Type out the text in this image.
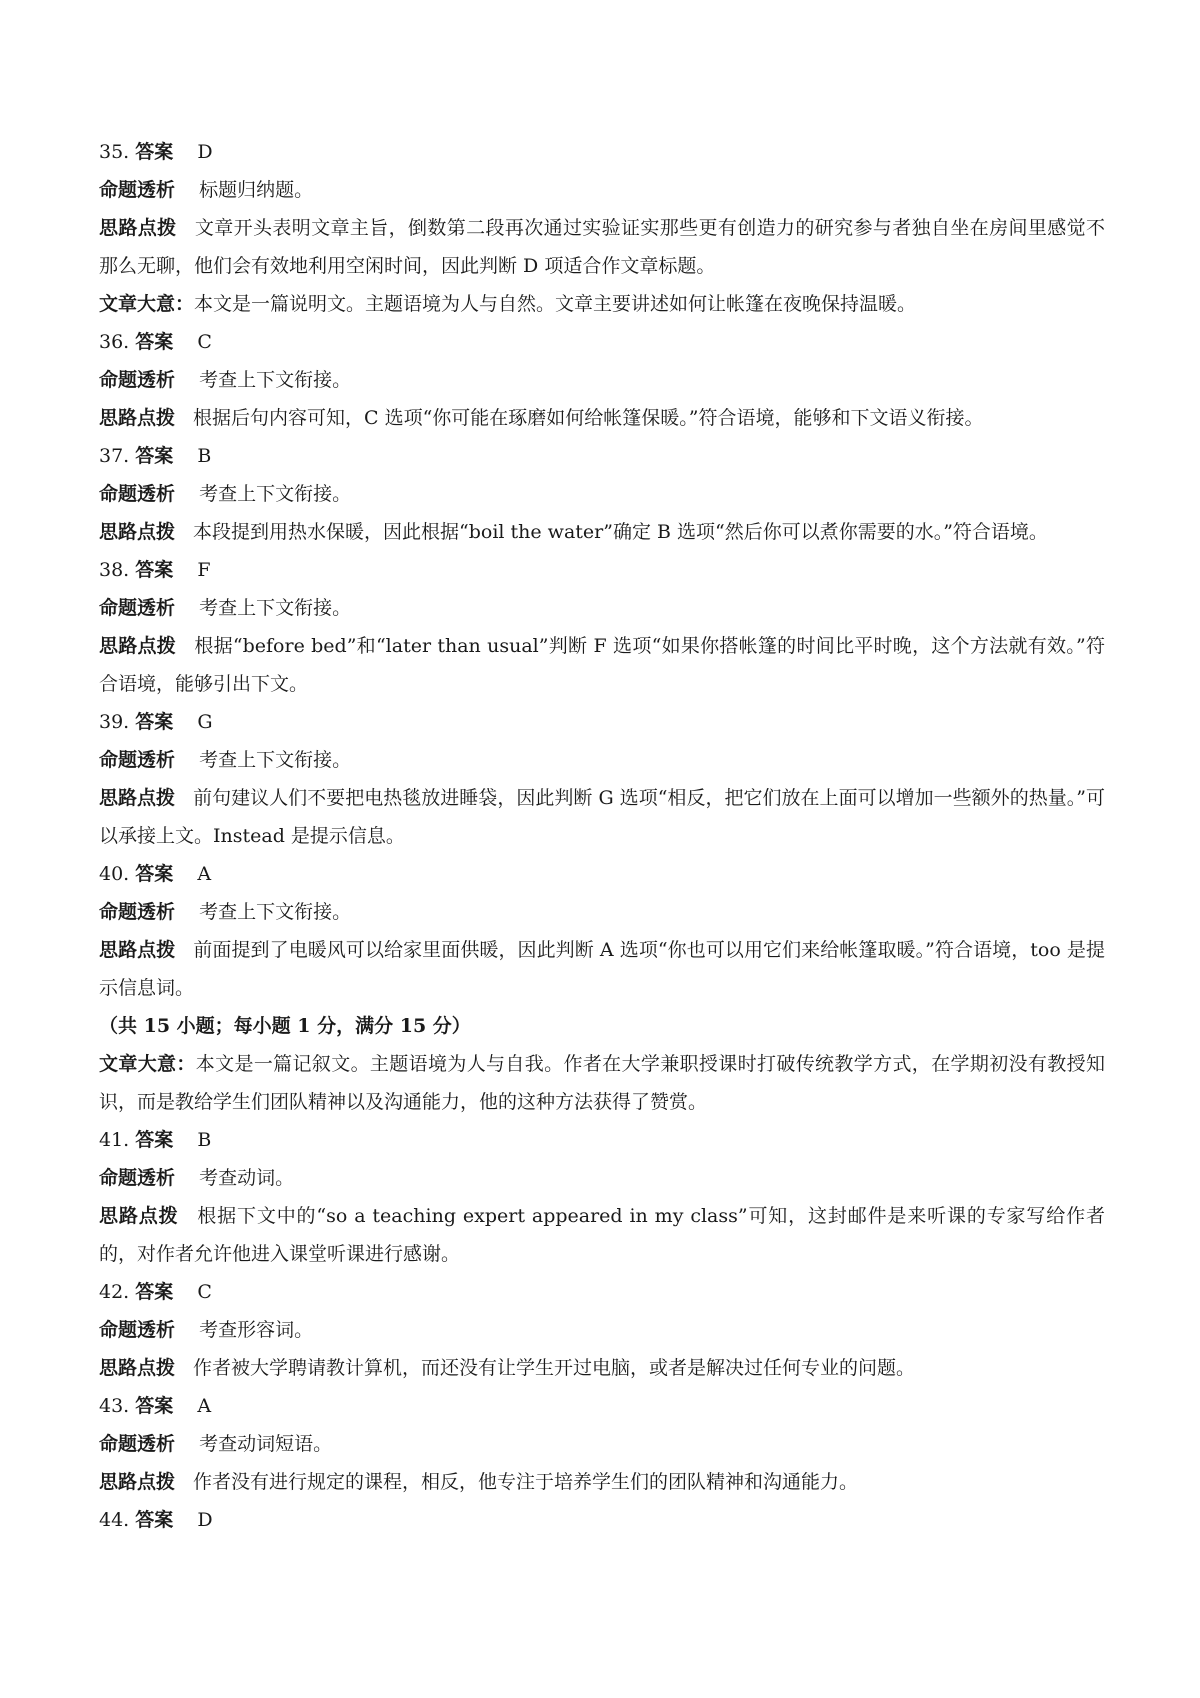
35. 答案 D
命题透析 标题归纳题。
思路点拨 文章开头表明文章主旨，倒数第二段再次通过实验证实那些更有创造力的研究参与者独自坐在房间里感觉不那么无聊，他们会有效地利用空闲时间，因此判断 D 项适合作文章标题。
文章大意：本文是一篇说明文。主题语境为人与自然。文章主要讲述如何让帐篷在夜晚保持温暖。
36. 答案 C
命题透析 考查上下文衔接。
思路点拨 根据后句内容可知，C 选项“你可能在琢磨如何给帐篷保暖。”符合语境，能够和下文语义衔接。
37. 答案 B
命题透析 考查上下文衔接。
思路点拨 本段提到用热水保暖，因此根据“boil the water”确定 B 选项“然后你可以煮你需要的水。”符合语境。
38. 答案 F
命题透析 考查上下文衔接。
思路点拨 根据“before bed”和“later than usual”判断 F 选项“如果你搭帐篷的时间比平时晚，这个方法就有效。”符合语境，能够引出下文。
39. 答案 G
命题透析 考查上下文衔接。
思路点拨 前句建议人们不要把电热毯放进睡袋，因此判断 G 选项“相反，把它们放在上面可以增加一些额外的热量。”可以承接上文。Instead 是提示信息。
40. 答案 A
命题透析 考查上下文衔接。
思路点拨 前面提到了电暖风可以给家里面供暖，因此判断 A 选项“你也可以用它们来给帐篷取暖。”符合语境，too 是提示信息词。
（共 15 小题；每小题 1 分，满分 15 分）
文章大意：本文是一篇记叙文。主题语境为人与自我。作者在大学兼职授课时打破传统教学方式，在学期初没有教授知识，而是教给学生们团队精神以及沟通能力，他的这种方法获得了赞赏。
41. 答案 B
命题透析 考查动词。
思路点拨 根据下文中的“so a teaching expert appeared in my class”可知，这封邮件是来听课的专家写给作者的，对作者允许他进入课堂听课进行感谢。
42. 答案 C
命题透析 考查形容词。
思路点拨 作者被大学聘请教计算机，而还没有让学生开过电脑，或者是解决过任何专业的问题。
43. 答案 A
命题透析 考查动词短语。
思路点拨 作者没有进行规定的课程，相反，他专注于培养学生们的团队精神和沟通能力。
44. 答案 D
